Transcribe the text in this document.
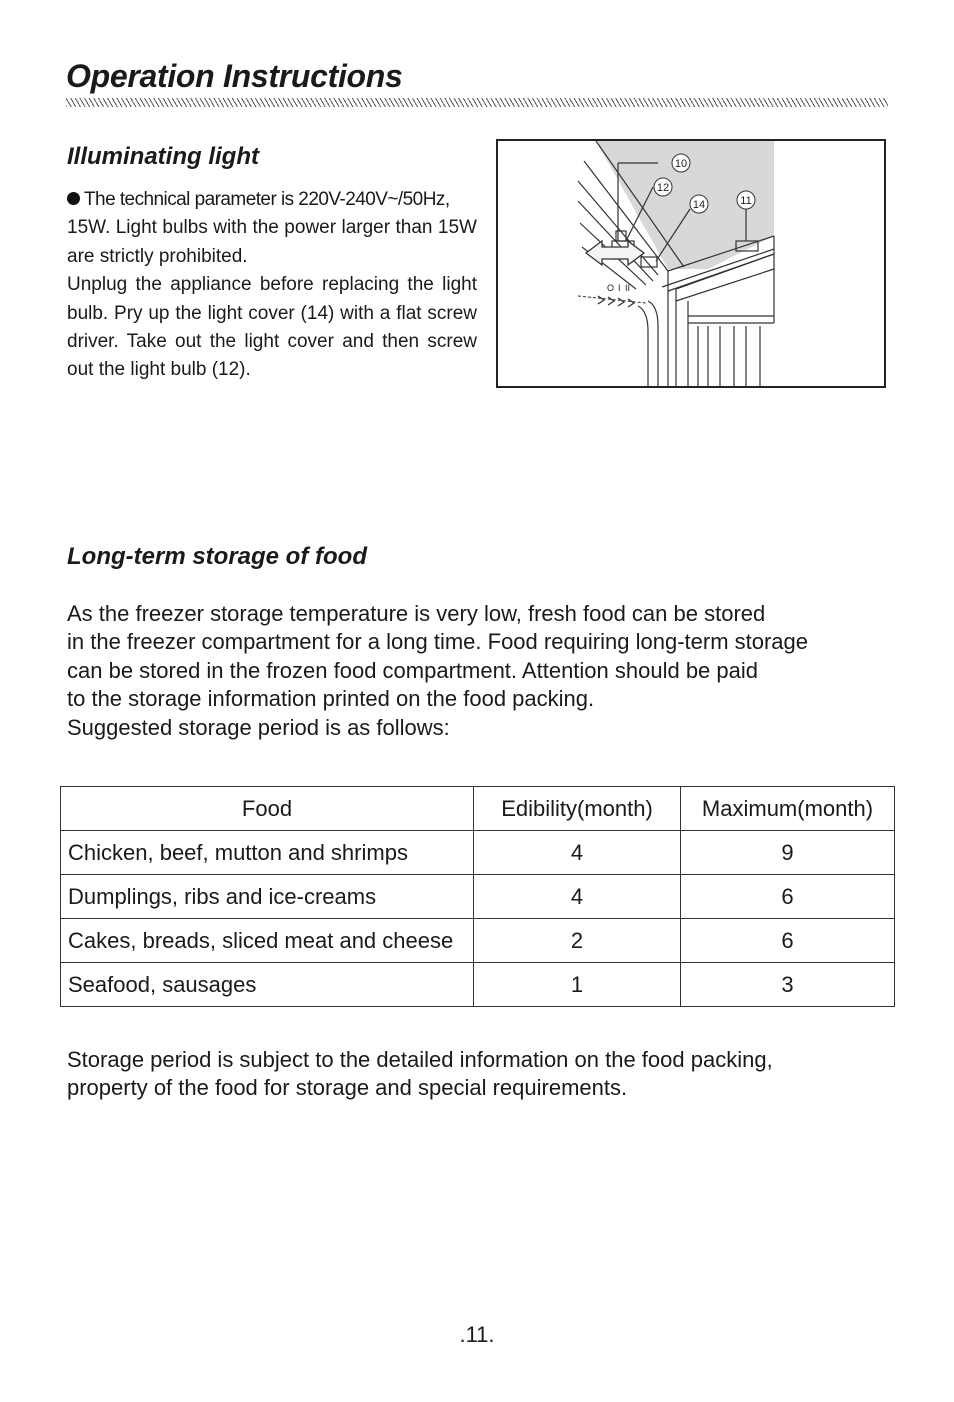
Operation Instructions
Illuminating light

The technical parameter is 220V-240V~/50Hz,

15W. Light bulbs with the power larger than 15W are strictly prohibited.

Unplug the appliance before replacing the light bulb. Pry up the light cover (14) with a flat screw driver. Take out the light cover and then screw out the light bulb (12).

O I II
10
12
14	11
Long-term storage of food

As the freezer storage temperature is very low, fresh food can be stored

in the freezer compartment for a long time. Food requiring long-term storage

can be stored in the frozen food compartment. Attention should be paid

to the storage information printed on the food packing.

Suggested storage period is as follows:

Food	Edibility(month)	Maximum(month)
Chicken, beef, mutton and shrimps	4	9
Dumplings, ribs and ice-creams	4	6
Cakes, breads, sliced meat and cheese	2	6
Seafood, sausages	1	3

Storage period is subject to the detailed information on the food packing,

property of the food for storage and special requirements.

.11.
